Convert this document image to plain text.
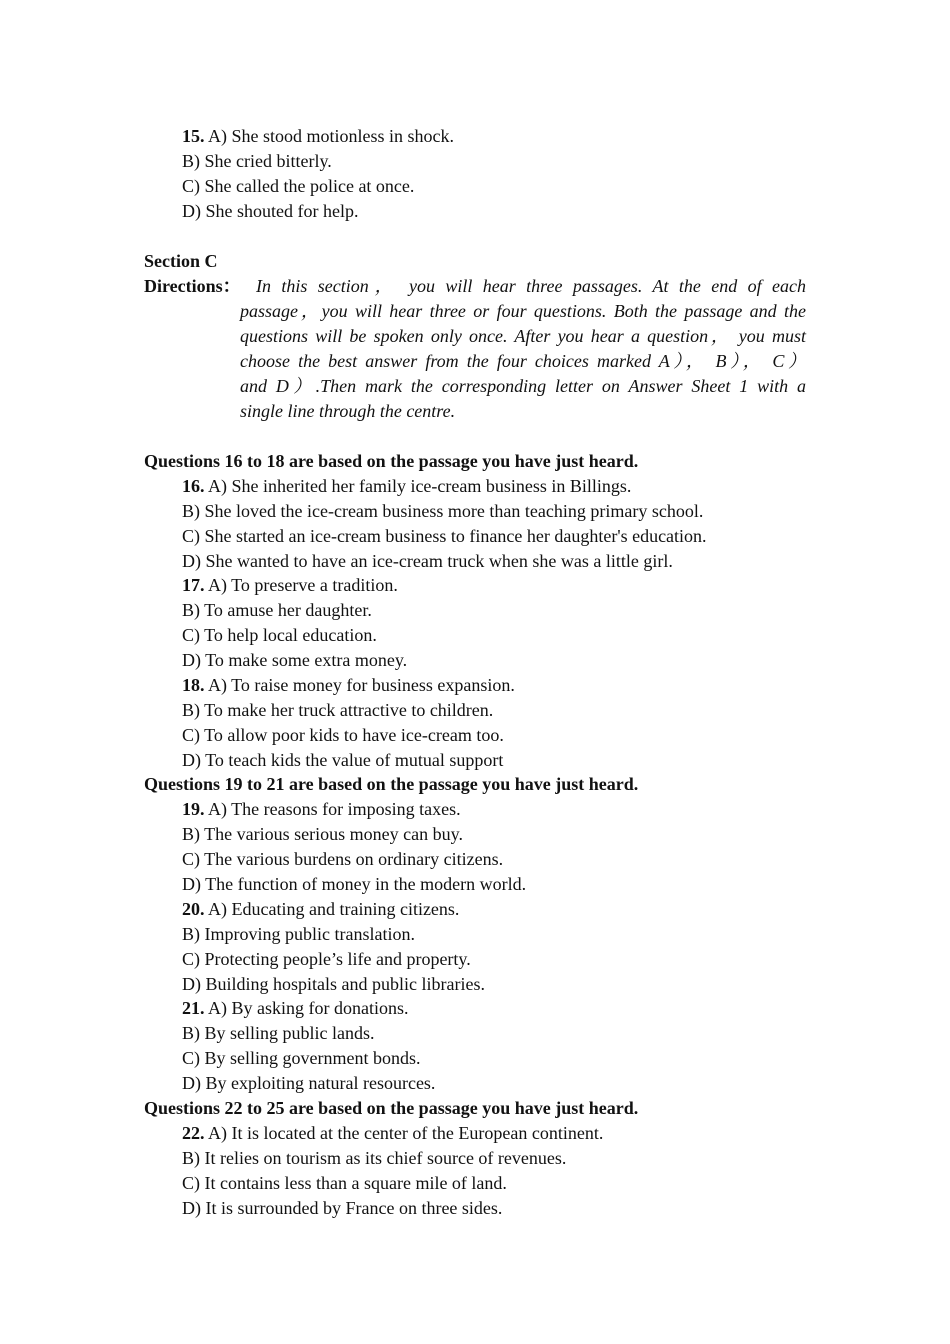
15. A) She stood motionless in shock.
B) She cried bitterly.
C) She called the police at once.
D) She shouted for help.
Section C
Directions： In this section， you will hear three passages. At the end of each
passage，you will hear three or four questions. Both the passage and the
questions will be spoken only once. After you hear a question， you must
choose the best answer from the four choices marked A）， B）， C）
and D）.Then mark the corresponding letter on Answer Sheet 1 with a
single line through the centre.
Questions 16 to 18 are based on the passage you have just heard.
16. A) She inherited her family ice-cream business in Billings.
B) She loved the ice-cream business more than teaching primary school.
C) She started an ice-cream business to finance her daughter's education.
D) She wanted to have an ice-cream truck when she was a little girl.
17. A) To preserve a tradition.
B) To amuse her daughter.
C) To help local education.
D) To make some extra money.
18. A) To raise money for business expansion.
B) To make her truck attractive to children.
C) To allow poor kids to have ice-cream too.
D) To teach kids the value of mutual support
Questions 19 to 21 are based on the passage you have just heard.
19. A) The reasons for imposing taxes.
B) The various serious money can buy.
C) The various burdens on ordinary citizens.
D) The function of money in the modern world.
20. A) Educating and training citizens.
B) Improving public translation.
C) Protecting people’s life and property.
D) Building hospitals and public libraries.
21. A) By asking for donations.
B) By selling public lands.
C) By selling government bonds.
D) By exploiting natural resources.
Questions 22 to 25 are based on the passage you have just heard.
22. A) It is located at the center of the European continent.
B) It relies on tourism as its chief source of revenues.
C) It contains less than a square mile of land.
D) It is surrounded by France on three sides.
